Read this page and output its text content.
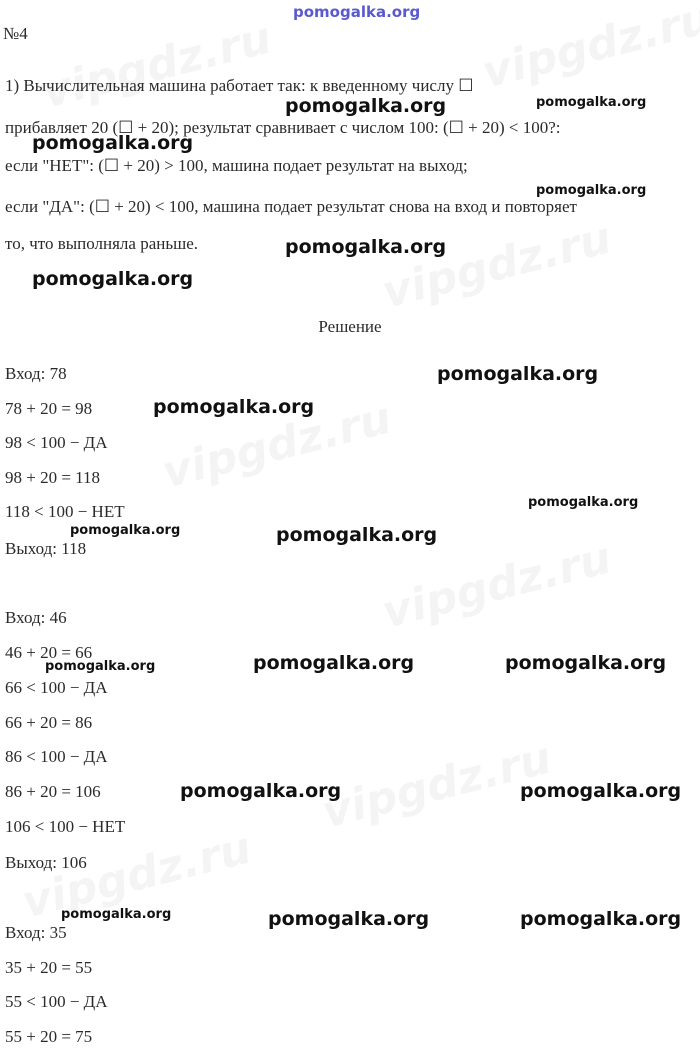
pomogalka.org
№4
1) Вычислительная машина работает так: к введенному числу ☐
прибавляет 20 (☐ + 20); результат сравнивает с числом 100: (☐ + 20) < 100?:
если "НЕТ": (☐ + 20) > 100, машина подает результат на выход;
если "ДА": (☐ + 20) < 100, машина подает результат снова на вход и повторяет
то, что выполняла раньше.
Решение
Вход: 78
78 + 20 = 98
98 < 100 − ДА
98 + 20 = 118
118 < 100 − НЕТ
Выход: 118
Вход: 46
46 + 20 = 66
66 < 100 − ДА
66 + 20 = 86
86 < 100 − ДА
86 + 20 = 106
106 < 100 − НЕТ
Выход: 106
Вход: 35
35 + 20 = 55
55 < 100 − ДА
55 + 20 = 75
pomogalka.org	pomogalka.org
pomogalka.org
pomogalka.org
pomogalka.org
pomogalka.org
pomogalka.org
pomogalka.org
pomogalka.org
pomogalka.org	pomogalka.org
pomogalka.org	pomogalka.org
pomogalka.org
pomogalka.org	pomogalka.org
pomogalka.org	pomogalka.org	pomogalka.org
